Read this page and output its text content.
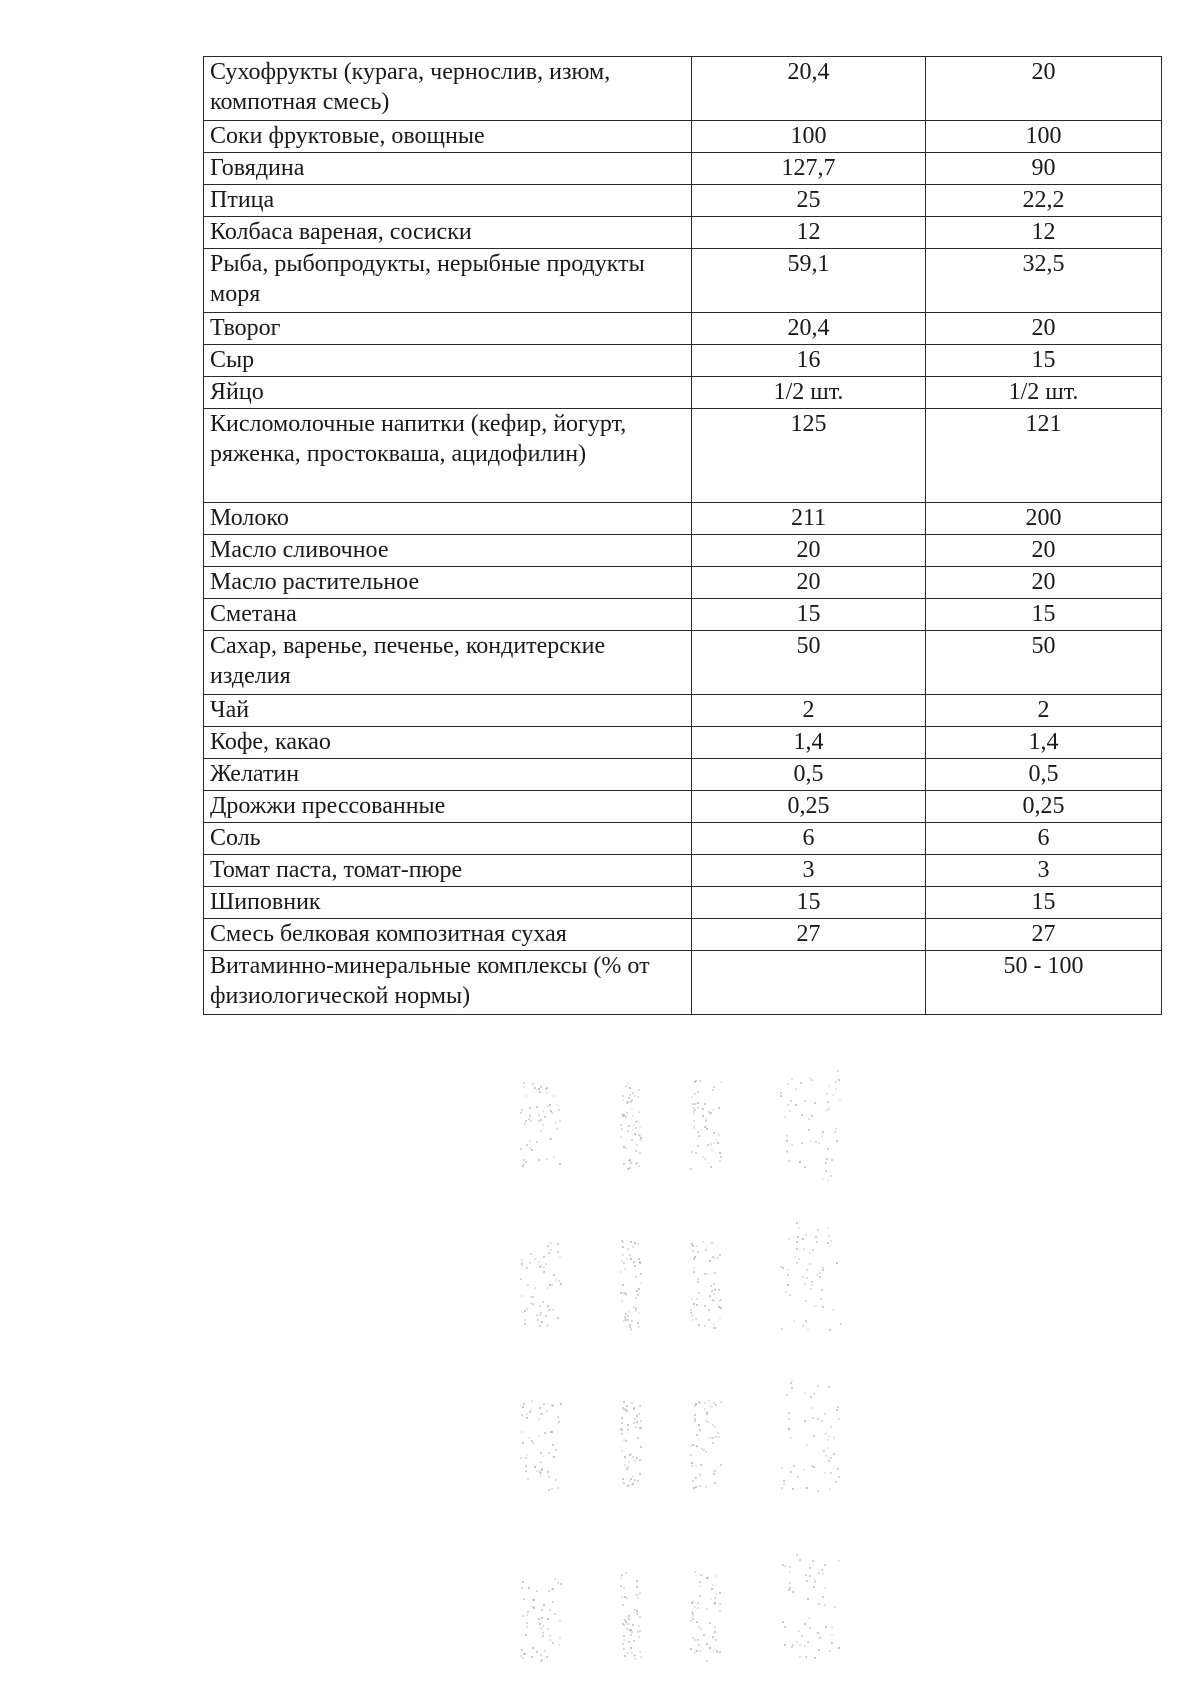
Сухофрукты (курага, чернослив, изюм, компотная смесь)	20,4	20
Соки фруктовые, овощные	100	100
Говядина	127,7	90
Птица	25	22,2
Колбаса вареная, сосиски	12	12
Рыба, рыбопродукты, нерыбные продукты моря	59,1	32,5
Творог	20,4	20
Сыр	16	15
Яйцо	1/2 шт.	1/2 шт.
Кисломолочные напитки (кефир, йогурт, ряженка, простокваша, ацидофилин)	125	121
Молоко	211	200
Масло сливочное	20	20
Масло растительное	20	20
Сметана	15	15
Сахар, варенье, печенье, кондитерские изделия	50	50
Чай	2	2
Кофе, какао	1,4	1,4
Желатин	0,5	0,5
Дрожжи прессованные	0,25	0,25
Соль	6	6
Томат паста, томат-пюре	3	3
Шиповник	15	15
Смесь белковая композитная сухая	27	27
Витаминно-минеральные комплексы (% от физиологической нормы)		50 - 100
